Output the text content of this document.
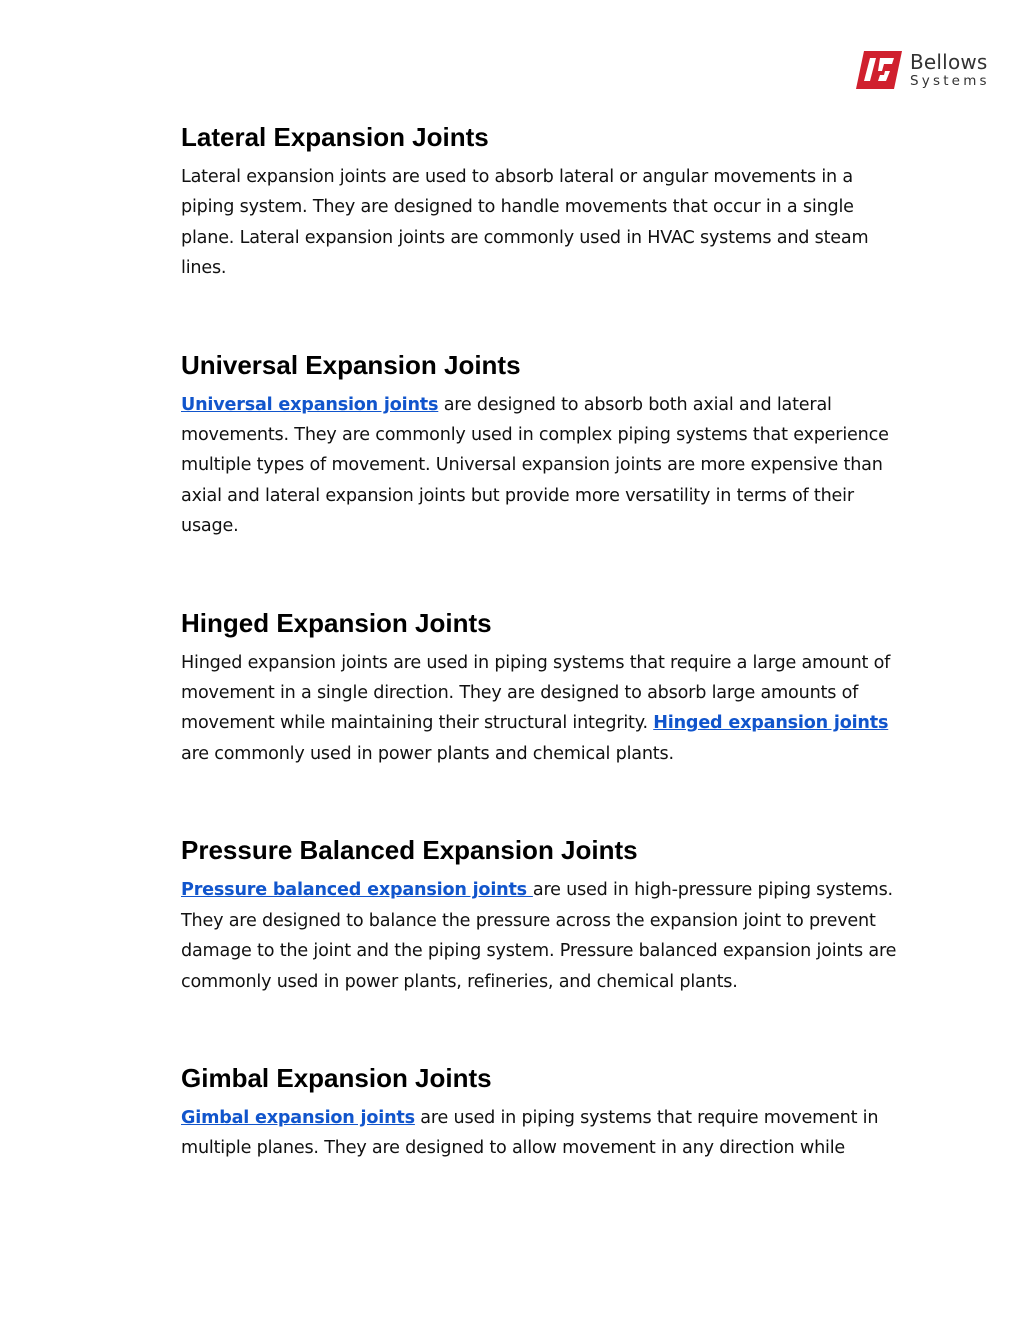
Bellows
Systems
Lateral Expansion Joints

Lateral expansion joints are used to absorb lateral or angular movements in a piping system. They are designed to handle movements that occur in a single plane. Lateral expansion joints are commonly used in HVAC systems and steam lines.

Universal Expansion Joints

Universal expansion joints are designed to absorb both axial and lateral movements. They are commonly used in complex piping systems that experience multiple types of movement. Universal expansion joints are more expensive than axial and lateral expansion joints but provide more versatility in terms of their usage.

Hinged Expansion Joints

Hinged expansion joints are used in piping systems that require a large amount of movement in a single direction. They are designed to absorb large amounts of movement while maintaining their structural integrity. Hinged expansion joints are commonly used in power plants and chemical plants.

Pressure Balanced Expansion Joints

Pressure balanced expansion joints are used in high-pressure piping systems. They are designed to balance the pressure across the expansion joint to prevent damage to the joint and the piping system. Pressure balanced expansion joints are commonly used in power plants, refineries, and chemical plants.

Gimbal Expansion Joints

Gimbal expansion joints are used in piping systems that require movement in multiple planes. They are designed to allow movement in any direction while
